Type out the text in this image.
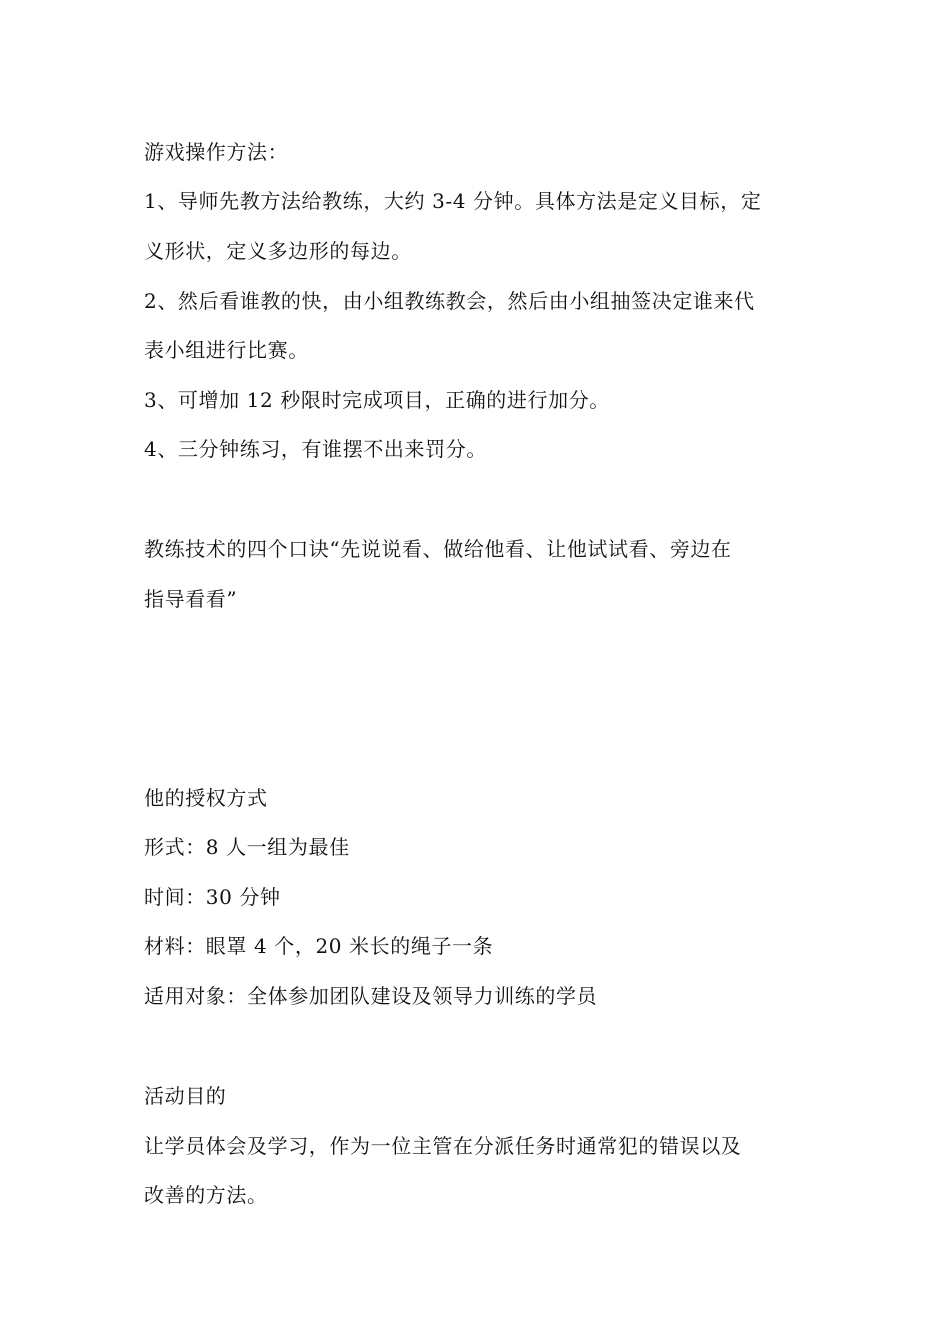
游戏操作方法：
1、导师先教方法给教练，大约 3-4 分钟。具体方法是定义目标，定
义形状，定义多边形的每边。
2、然后看谁教的快，由小组教练教会，然后由小组抽签决定谁来代
表小组进行比赛。
3、可增加 12 秒限时完成项目，正确的进行加分。
4、三分钟练习，有谁摆不出来罚分。
教练技术的四个口诀“先说说看、做给他看、让他试试看、旁边在
指导看看”
他的授权方式
形式：8 人一组为最佳
时间：30 分钟
材料：眼罩 4 个，20 米长的绳子一条
适用对象：全体参加团队建设及领导力训练的学员
活动目的
让学员体会及学习，作为一位主管在分派任务时通常犯的错误以及
改善的方法。
